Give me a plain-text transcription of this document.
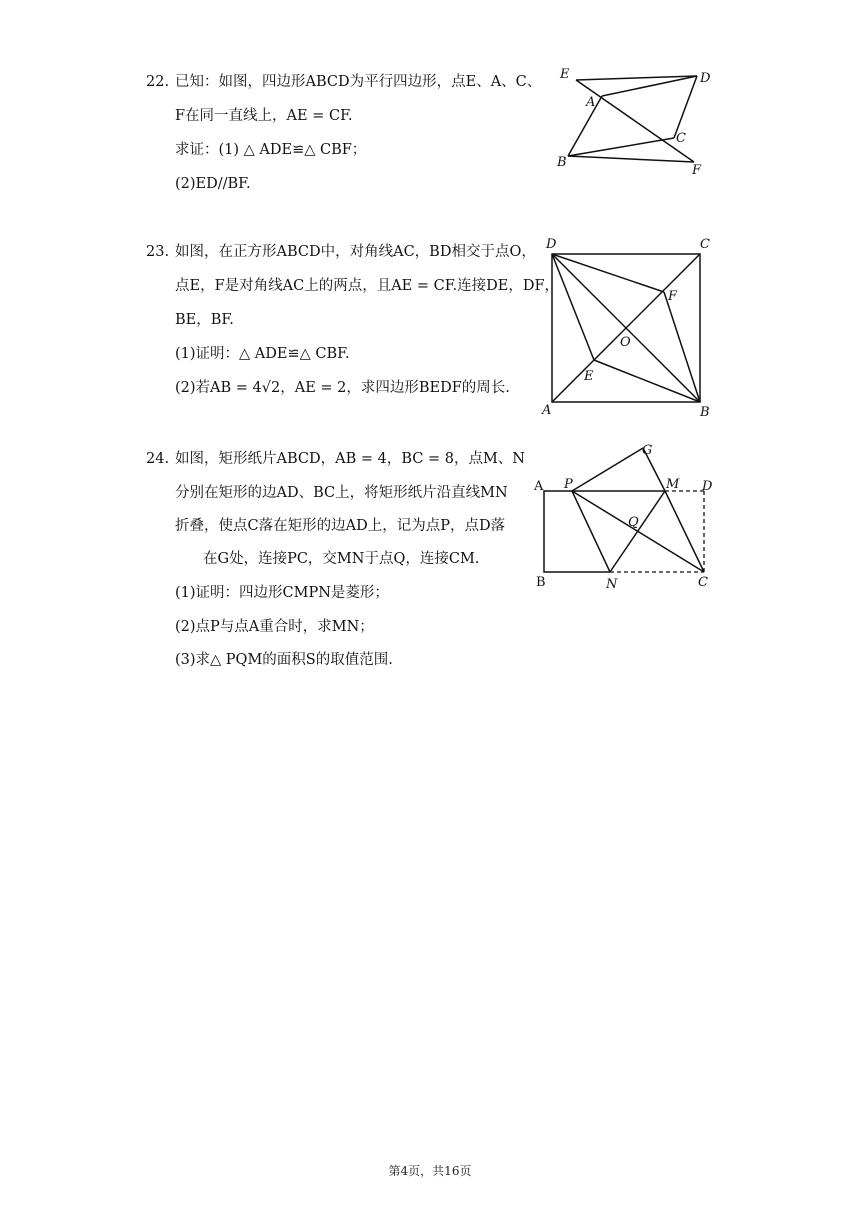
22. 已知：如图，四边形ABCD为平行四边形，点E、A、C、
F在同一直线上，AE = CF.
求证：(1) △ ADE≌△ CBF；
(2)ED//BF.
E
A
D
C
B
F
23. 如图，在正方形ABCD中，对角线AC，BD相交于点O，
点E，F是对角线AC上的两点，且AE = CF.连接DE，DF，
BE，BF.
(1)证明：△ ADE≌△ CBF.
(2)若AB = 4√2，AE = 2，求四边形BEDF的周长.
D	C
F
O
E
A	B
24. 如图，矩形纸片ABCD，AB = 4，BC = 8，点M、N
分别在矩形的边AD、BC上，将矩形纸片沿直线MN
折叠，使点C落在矩形的边AD上，记为点P，点D落
在G处，连接PC，交MN于点Q，连接CM.
(1)证明：四边形CMPN是菱形；
(2)点P与点A重合时，求MN；
(3)求△ PQM的面积S的取值范围.
G
A P	M D
Q
B	N	C
第4页，共16页
